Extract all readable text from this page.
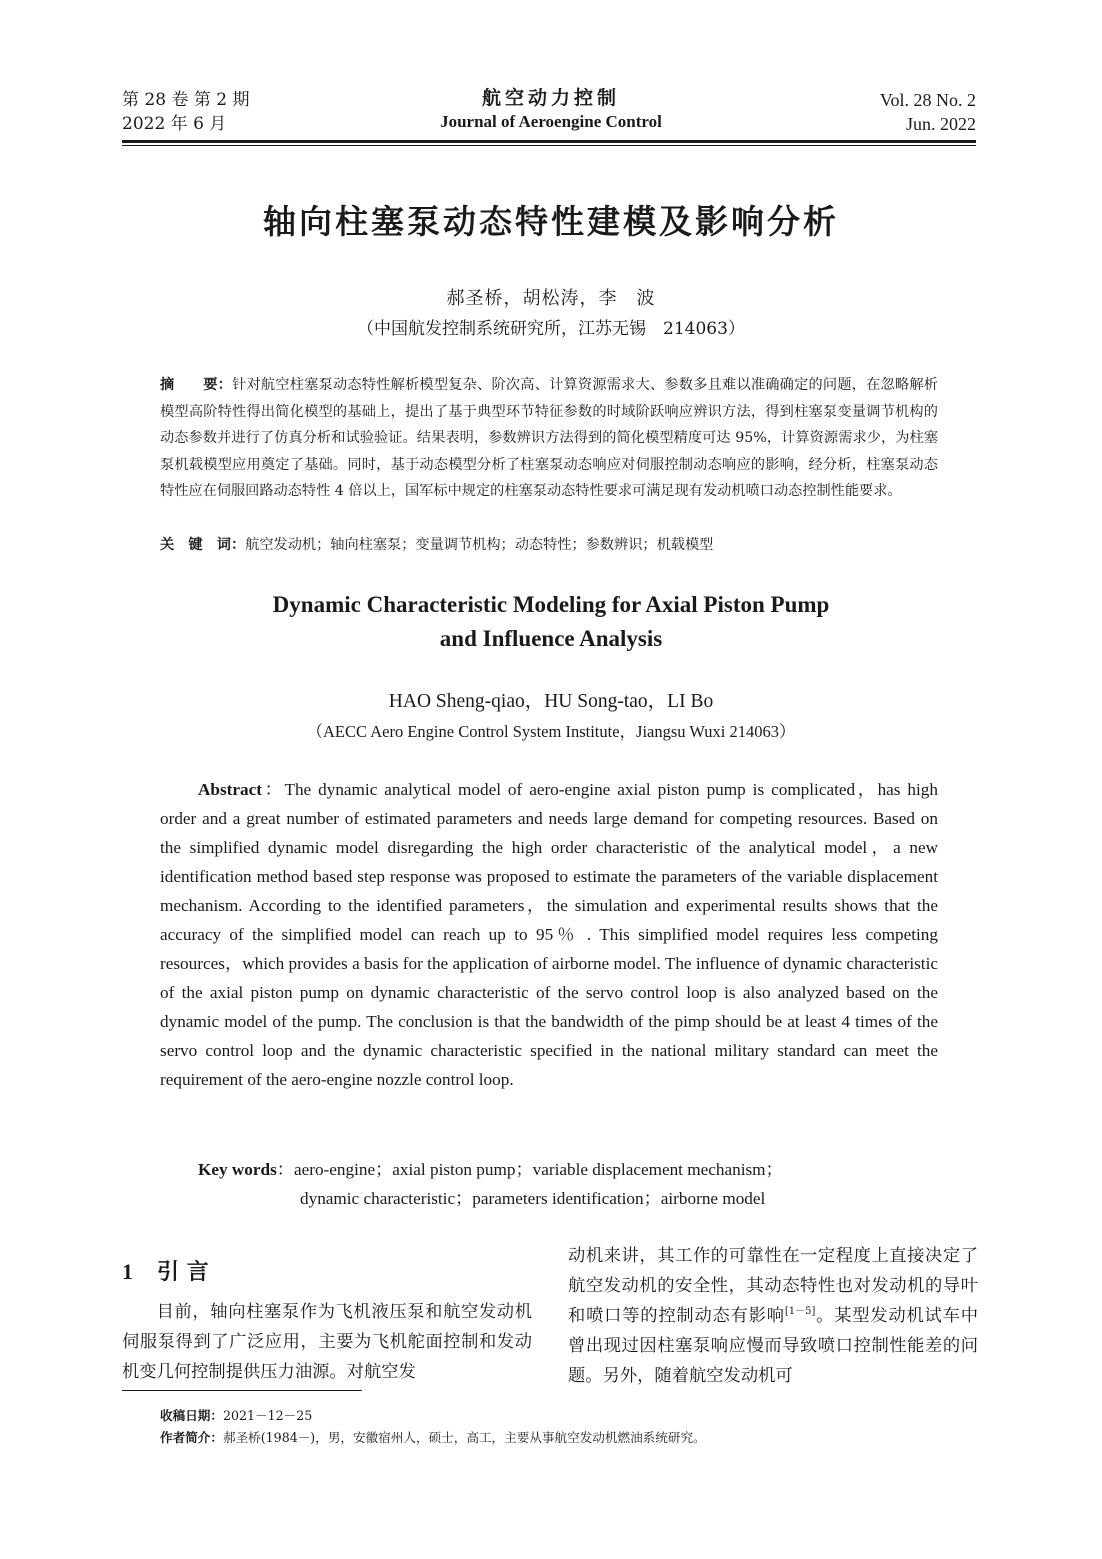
第 28 卷 第 2 期
2022 年 6 月
航空动力控制
Journal of Aeroengine Control
Vol. 28 No. 2
Jun. 2022
轴向柱塞泵动态特性建模及影响分析
郝圣桥，胡松涛，李　波
（中国航发控制系统研究所，江苏无锡　214063）
摘　　要：针对航空柱塞泵动态特性解析模型复杂、阶次高、计算资源需求大、参数多且难以准确确定的问题，在忽略解析模型高阶特性得出简化模型的基础上，提出了基于典型环节特征参数的时域阶跃响应辨识方法，得到柱塞泵变量调节机构的动态参数并进行了仿真分析和试验验证。结果表明，参数辨识方法得到的简化模型精度可达 95%，计算资源需求少，为柱塞泵机载模型应用奠定了基础。同时，基于动态模型分析了柱塞泵动态响应对伺服控制动态响应的影响，经分析，柱塞泵动态特性应在伺服回路动态特性 4 倍以上，国军标中规定的柱塞泵动态特性要求可满足现有发动机喷口动态控制性能要求。
关　键　词：航空发动机；轴向柱塞泵；变量调节机构；动态特性；参数辨识；机载模型
Dynamic Characteristic Modeling for Axial Piston Pump
and Influence Analysis
HAO Sheng-qiao，HU Song-tao，LI Bo
（AECC Aero Engine Control System Institute，Jiangsu Wuxi 214063）
Abstract：The dynamic analytical model of aero-engine axial piston pump is complicated，has high order and a great number of estimated parameters and needs large demand for competing resources. Based on the simplified dynamic model disregarding the high order characteristic of the analytical model，a new identification method based step response was proposed to estimate the parameters of the variable displacement mechanism. According to the identified parameters，the simulation and experimental results shows that the accuracy of the simplified model can reach up to 95％ . This simplified model requires less competing resources，which provides a basis for the application of airborne model. The influence of dynamic characteristic of the axial piston pump on dynamic characteristic of the servo control loop is also analyzed based on the dynamic model of the pump. The conclusion is that the bandwidth of the pimp should be at least 4 times of the servo control loop and the dynamic characteristic specified in the national military standard can meet the requirement of the aero-engine nozzle control loop.
Key words：aero-engine；axial piston pump；variable displacement mechanism；
dynamic characteristic；parameters identification；airborne model
1 引 言
目前，轴向柱塞泵作为飞机液压泵和航空发动机伺服泵得到了广泛应用，主要为飞机舵面控制和发动机变几何控制提供压力油源。对航空发
动机来讲，其工作的可靠性在一定程度上直接决定了航空发动机的安全性，其动态特性也对发动机的导叶和喷口等的控制动态有影响[1－5]。某型发动机试车中曾出现过因柱塞泵响应慢而导致喷口控制性能差的问题。另外，随着航空发动机可
收稿日期：2021－12－25
作者简介：郝圣桥(1984－)，男，安徽宿州人，硕士，高工，主要从事航空发动机燃油系统研究。
